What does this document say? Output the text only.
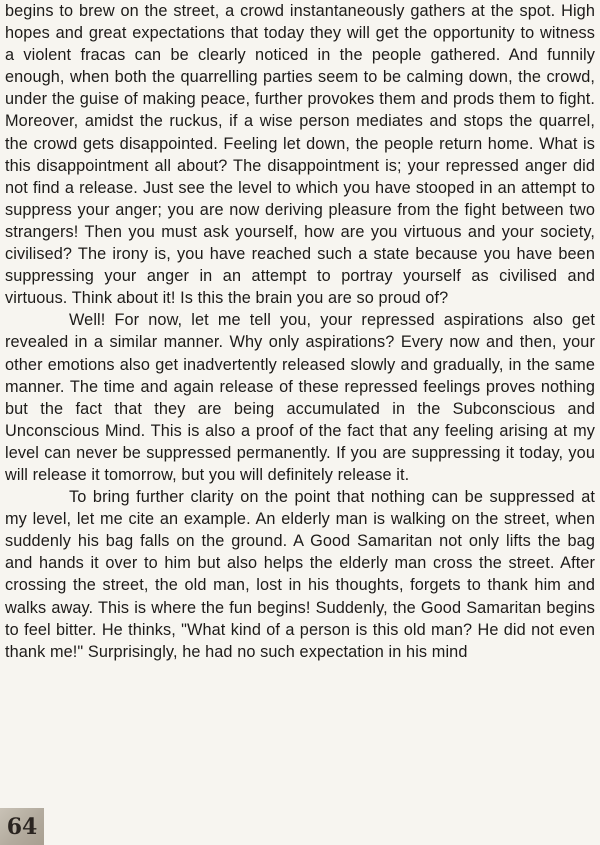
begins to brew on the street, a crowd instantaneously gathers at the spot. High hopes and great expectations that today they will get the opportunity to witness a violent fracas can be clearly noticed in the people gathered. And funnily enough, when both the quarrelling parties seem to be calming down, the crowd, under the guise of making peace, further provokes them and prods them to fight. Moreover, amidst the ruckus, if a wise person mediates and stops the quarrel, the crowd gets disappointed. Feeling let down, the people return home. What is this disappointment all about? The disappointment is; your repressed anger did not find a release. Just see the level to which you have stooped in an attempt to suppress your anger; you are now deriving pleasure from the fight between two strangers! Then you must ask yourself, how are you virtuous and your society, civilised? The irony is, you have reached such a state because you have been suppressing your anger in an attempt to portray yourself as civilised and virtuous. Think about it! Is this the brain you are so proud of?

Well! For now, let me tell you, your repressed aspirations also get revealed in a similar manner. Why only aspirations? Every now and then, your other emotions also get inadvertently released slowly and gradually, in the same manner. The time and again release of these repressed feelings proves nothing but the fact that they are being accumulated in the Subconscious and Unconscious Mind. This is also a proof of the fact that any feeling arising at my level can never be suppressed permanently. If you are suppressing it today, you will release it tomorrow, but you will definitely release it.

To bring further clarity on the point that nothing can be suppressed at my level, let me cite an example. An elderly man is walking on the street, when suddenly his bag falls on the ground. A Good Samaritan not only lifts the bag and hands it over to him but also helps the elderly man cross the street. After crossing the street, the old man, lost in his thoughts, forgets to thank him and walks away. This is where the fun begins! Suddenly, the Good Samaritan begins to feel bitter. He thinks, "What kind of a person is this old man? He did not even thank me!" Surprisingly, he had no such expectation in his mind

64
